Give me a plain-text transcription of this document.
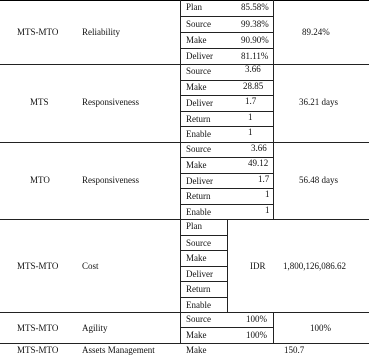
MTS-MTO	Reliability
Plan	85.58%
Source	99.38%
Make	90.90%
Deliver	81.11%
89.24%
MTS	Responsiveness
Source	3.66
Make	28.85
Deliver	1.7
Return	1
Enable	1
36.21 days
MTO	Responsiveness
Source	3.66
Make	49.12
Deliver	1.7
Return	1
Enable	1
56.48 days
MTS-MTO	Cost
Plan
Source
Make
Deliver
Return
Enable
IDR 1,800,126,086.62
MTS-MTO	Agility
Source	100%
Make	100%
100%
MTS-MTO	Assets Management	Make	150.7
